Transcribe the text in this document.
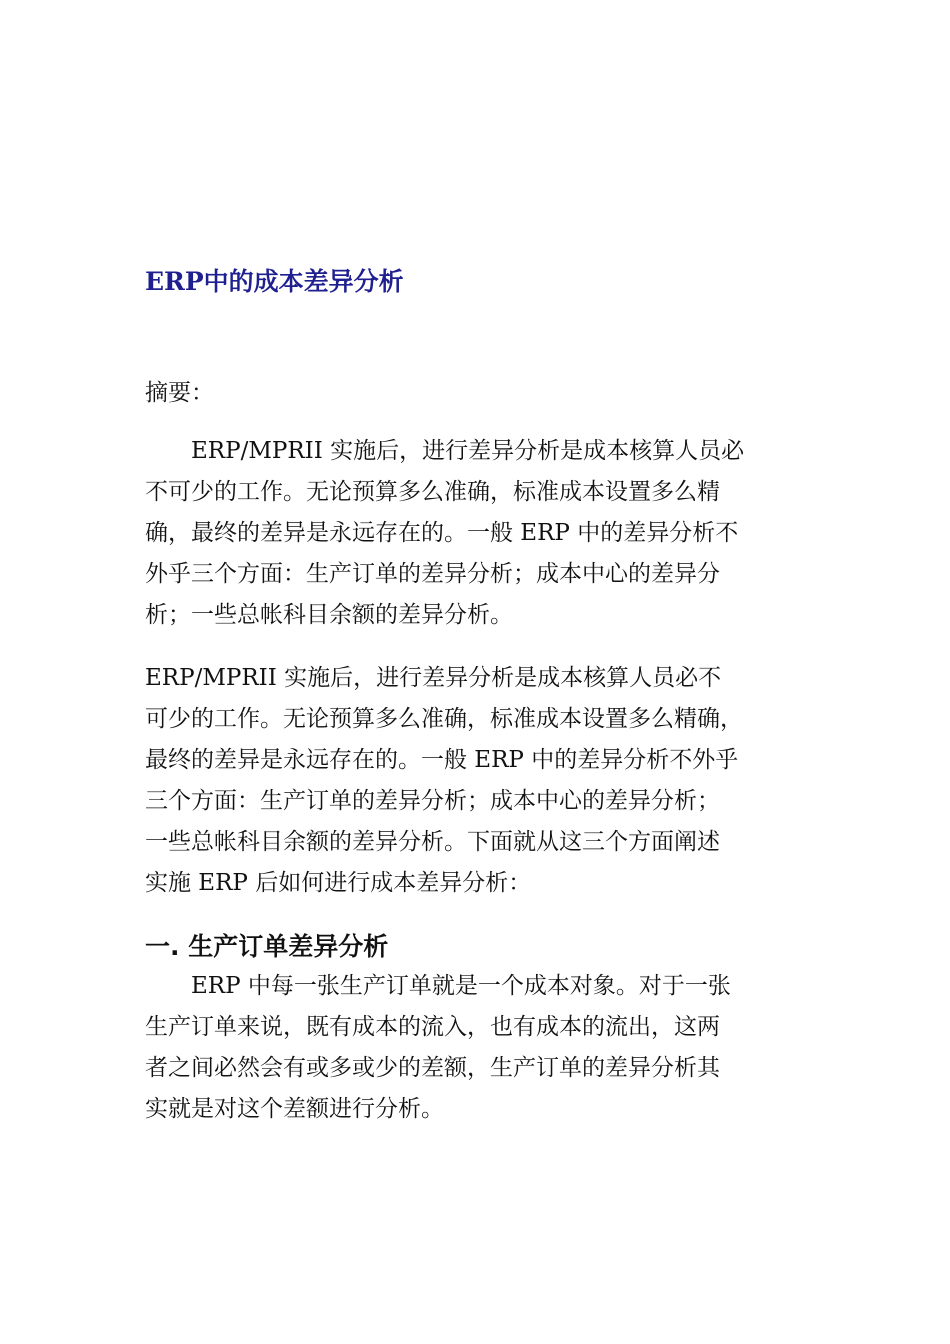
ERP中的成本差异分析

摘要：

　　ERP/MPRII 实施后，进行差异分析是成本核算人员必
不可少的工作。无论预算多么准确，标准成本设置多么精
确，最终的差异是永远存在的。一般 ERP 中的差异分析不
外乎三个方面：生产订单的差异分析；成本中心的差异分
析；一些总帐科目余额的差异分析。
ERP/MPRII 实施后，进行差异分析是成本核算人员必不
可少的工作。无论预算多么准确，标准成本设置多么精确，
最终的差异是永远存在的。一般 ERP 中的差异分析不外乎
三个方面：生产订单的差异分析；成本中心的差异分析；
一些总帐科目余额的差异分析。下面就从这三个方面阐述
实施 ERP 后如何进行成本差异分析：
一. 生产订单差异分析
　　ERP 中每一张生产订单就是一个成本对象。对于一张
生产订单来说，既有成本的流入，也有成本的流出，这两
者之间必然会有或多或少的差额，生产订单的差异分析其
实就是对这个差额进行分析。
